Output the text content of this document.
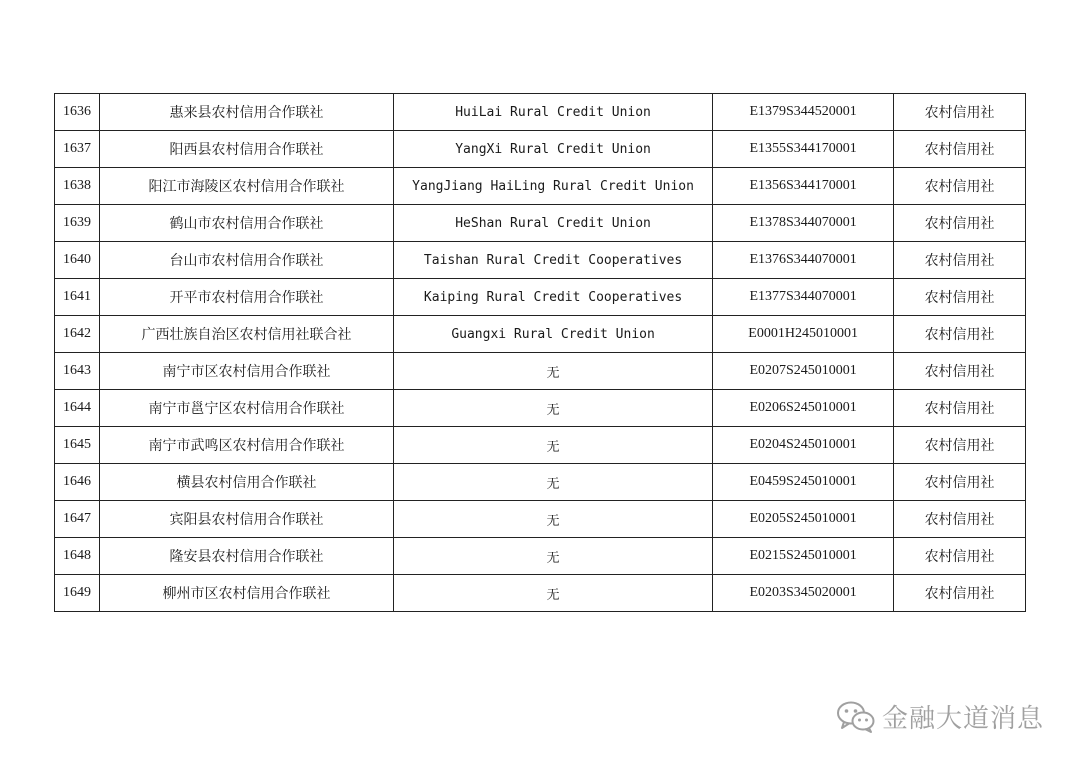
1636	惠来县农村信用合作联社	HuiLai Rural Credit Union	E1379S344520001	农村信用社
1637	阳西县农村信用合作联社	YangXi Rural Credit Union	E1355S344170001	农村信用社
1638	阳江市海陵区农村信用合作联社	YangJiang HaiLing Rural Credit Union	E1356S344170001	农村信用社
1639	鹤山市农村信用合作联社	HeShan Rural Credit Union	E1378S344070001	农村信用社
1640	台山市农村信用合作联社	Taishan Rural Credit Cooperatives	E1376S344070001	农村信用社
1641	开平市农村信用合作联社	Kaiping Rural Credit Cooperatives	E1377S344070001	农村信用社
1642	广西壮族自治区农村信用社联合社	Guangxi Rural Credit Union	E0001H245010001	农村信用社
1643	南宁市区农村信用合作联社	无	E0207S245010001	农村信用社
1644	南宁市邕宁区农村信用合作联社	无	E0206S245010001	农村信用社
1645	南宁市武鸣区农村信用合作联社	无	E0204S245010001	农村信用社
1646	横县农村信用合作联社	无	E0459S245010001	农村信用社
1647	宾阳县农村信用合作联社	无	E0205S245010001	农村信用社
1648	隆安县农村信用合作联社	无	E0215S245010001	农村信用社
1649	柳州市区农村信用合作联社	无	E0203S345020001	农村信用社
金融大道消息
